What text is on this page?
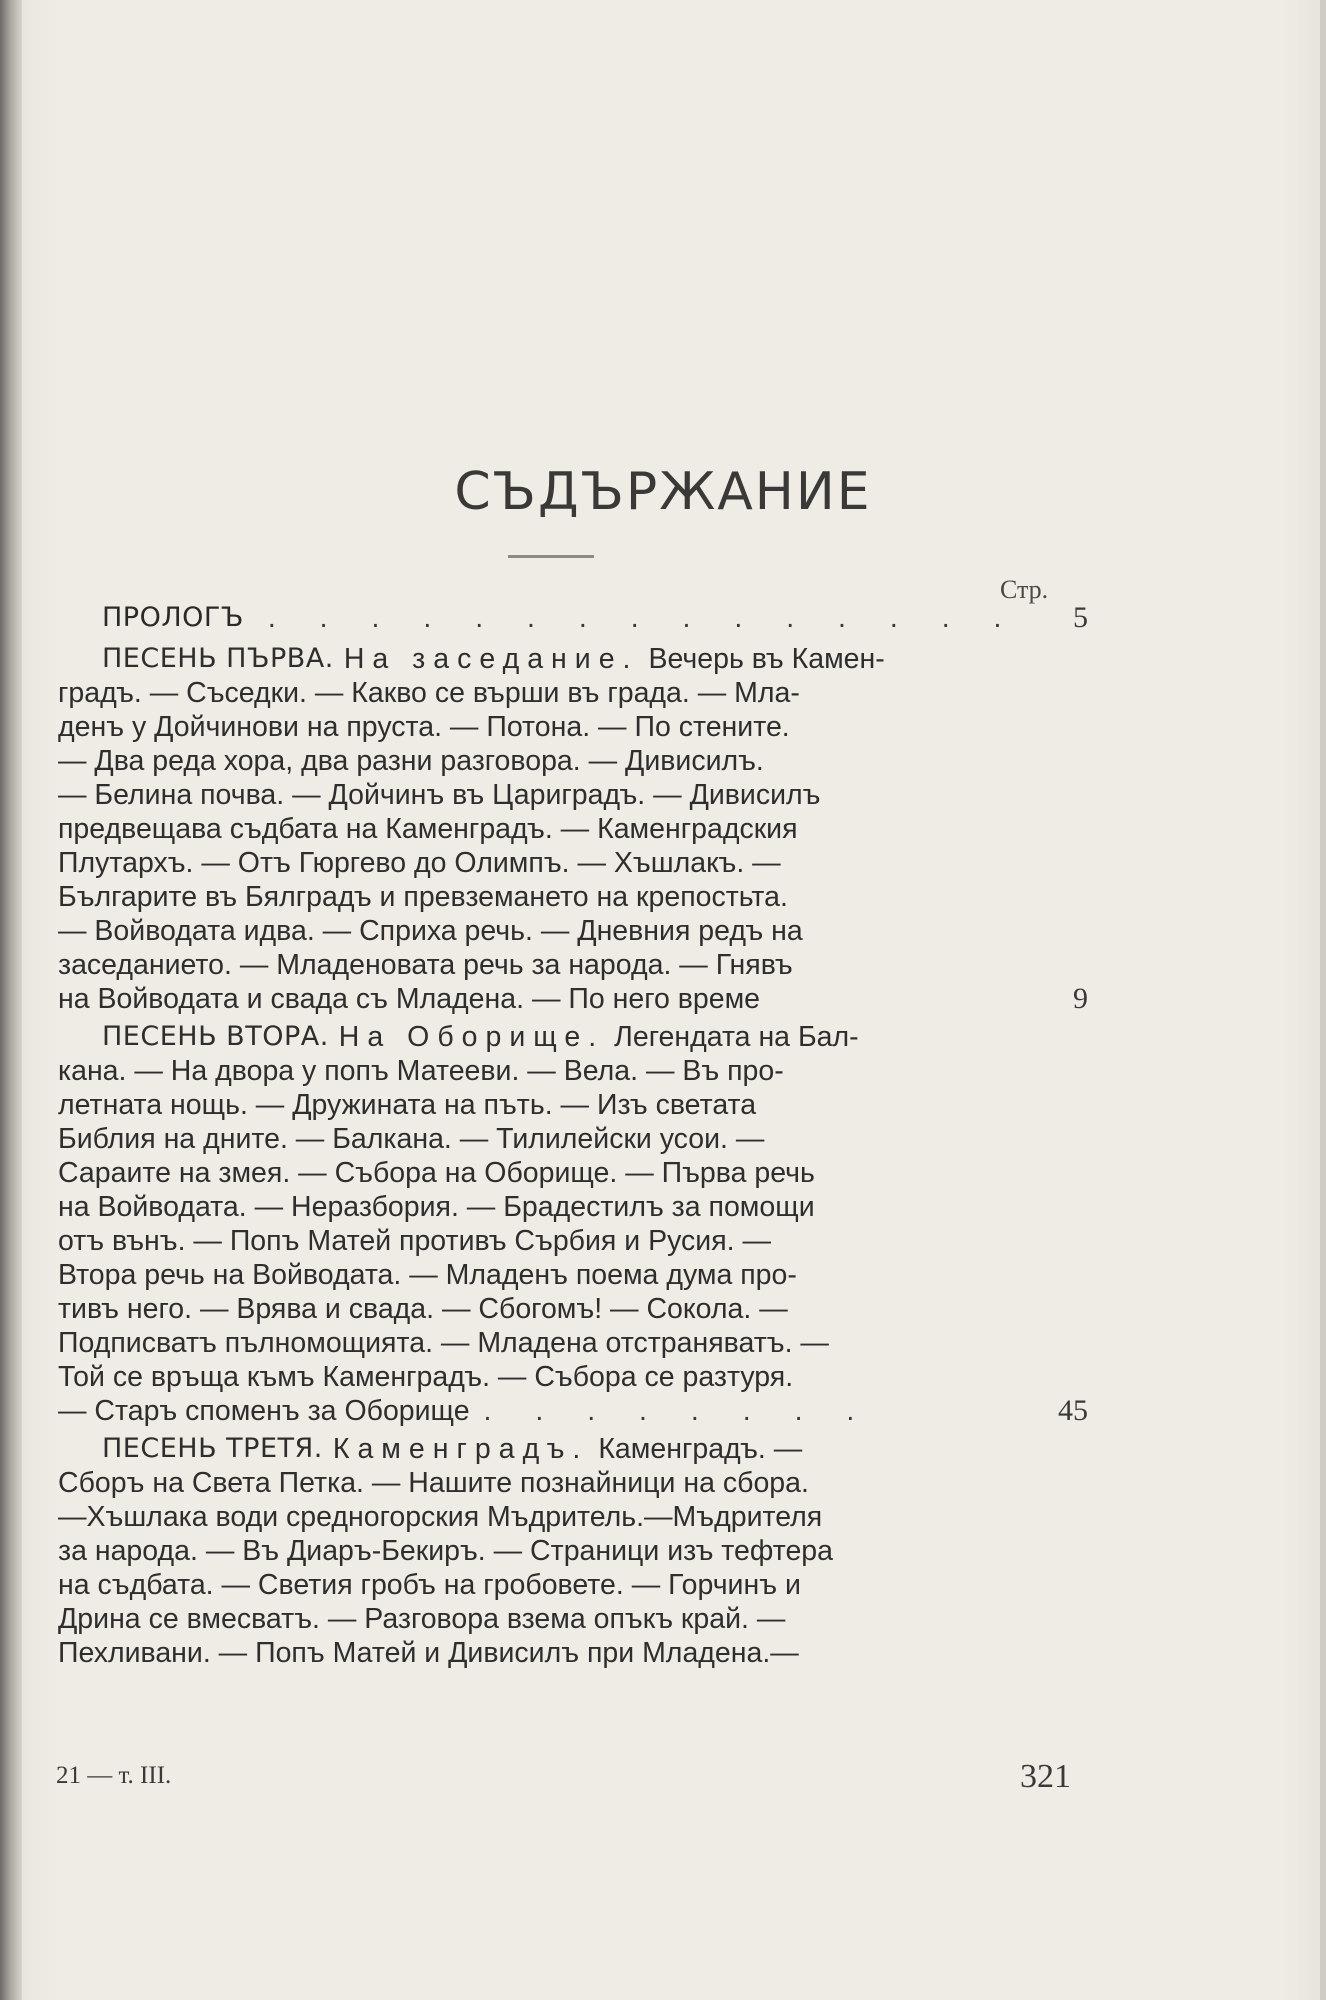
СЪДЪРЖАНИЕ
Стр.
ПРОЛОГЪ . . . . . . . . . . . . . . .	5
ПЕСЕНЬ ПЪРВА. На заседание. Вечерь въ Камен-
градъ. — Съседки. — Какво се върши въ града. — Мла-
денъ у Дойчинови на пруста. — Потона. — По стените.
— Два реда хора, два разни разговора. — Дивисилъ.
— Белина почва. — Дойчинъ въ Цариградъ. — Дивисилъ
предвещава съдбата на Каменградъ. — Каменградския
Плутархъ. — Отъ Гюргево до Олимпъ. — Хъшлакъ. —
Българите въ Бялградъ и превземането на крепостьта.
— Войводата идва. — Сприха речь. — Дневния редъ на
заседанието. — Младеновата речь за народа. — Гнявъ
на Войводата и свада съ Младена. — По него време	9
ПЕСЕНЬ ВТОРА. На Оборище. Легендата на Бал-
кана. — На двора у попъ Матееви. — Вела. — Въ про-
летната нощь. — Дружината на пъть. — Изъ светата
Библия на дните. — Балкана. — Тилилейски усои. —
Сараите на змея. — Събора на Оборище. — Първа речь
на Войводата. — Неразбория. — Брадестилъ за помощи
отъ вънъ. — Попъ Матей противъ Сърбия и Русия. —
Втора речь на Войводата. — Младенъ поема дума про-
тивъ него. — Врява и свада. — Сбогомъ! — Сокола. —
Подписватъ пълномощията. — Младена отстраняватъ. —
Той се връща къмъ Каменградъ. — Събора се разтуря.
— Старъ споменъ за Оборище . . . . . . . .	45
ПЕСЕНЬ ТРЕТЯ. Каменградъ. Каменградъ. —
Сборъ на Света Петка. — Нашите познайници на сбора.
—Хъшлака води средногорския Мъдритель.—Мъдрителя
за народа. — Въ Диаръ-Бекиръ. — Страници изъ тефтера
на съдбата. — Светия гробъ на гробовете. — Горчинъ и
Дрина се вмесватъ. — Разговора взема опъкъ край. —
Пехливани. — Попъ Матей и Дивисилъ при Младена.—
21 — т. III.	321
